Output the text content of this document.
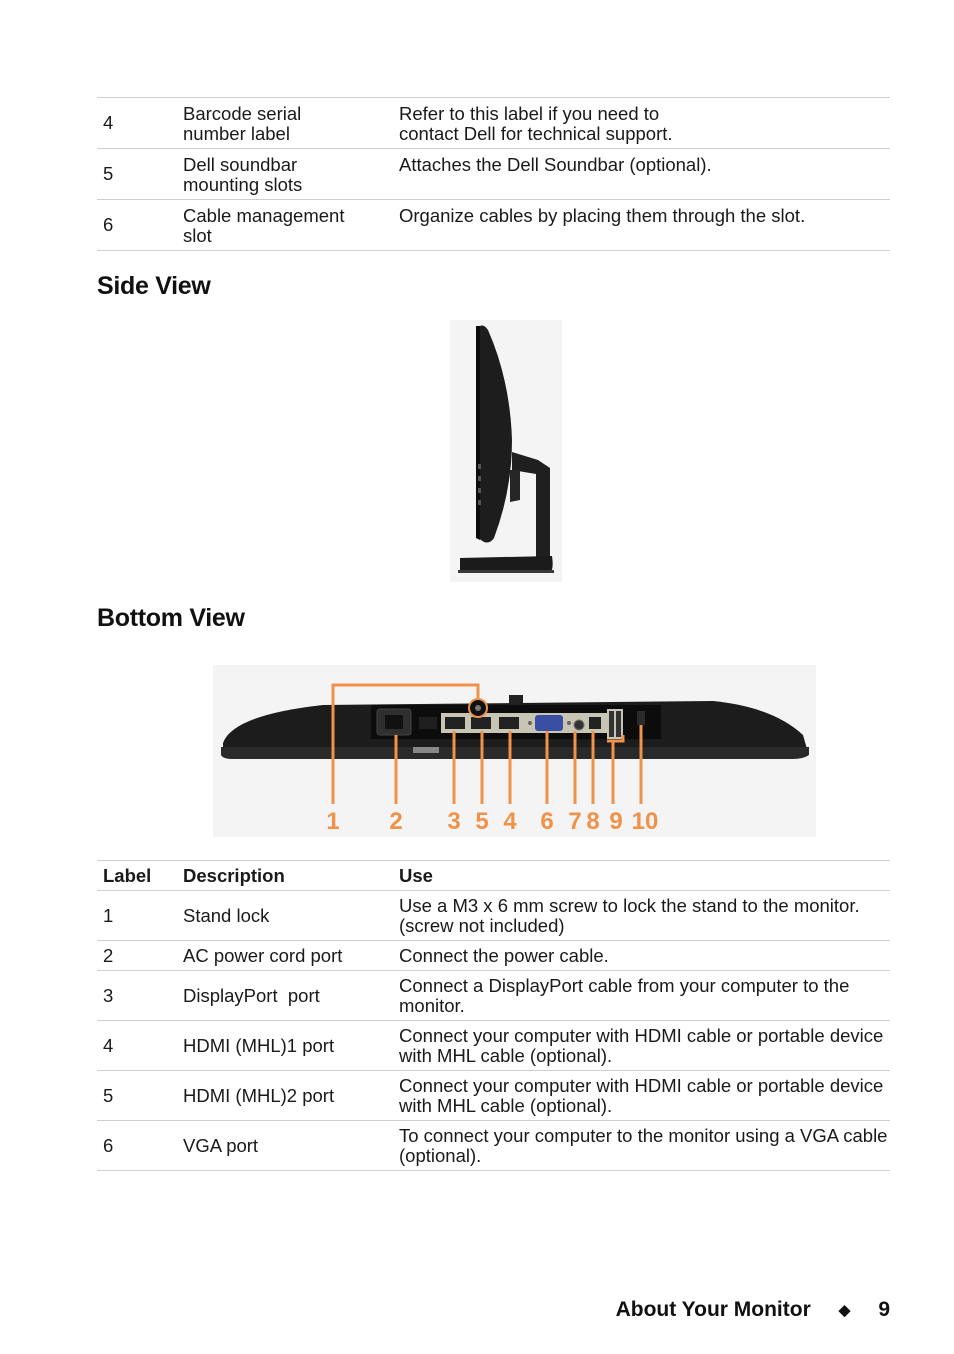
4	Barcode serial
number label	Refer to this label if you need to
contact Dell for technical support.
5	Dell soundbar
mounting slots	Attaches the Dell Soundbar (optional).
6	Cable management
slot	Organize cables by placing them through the slot.
Side View
Bottom View
1 2 3 5 4 6 7 8 9 10
Label	Description	Use
1	Stand lock	Use a M3 x 6 mm screw to lock the stand to the monitor. (screw not included)
2	AC power cord port	Connect the power cable.
3	DisplayPort  port	Connect a DisplayPort cable from your computer to the monitor.
4	HDMI (MHL)1 port	Connect your computer with HDMI cable or portable device with MHL cable (optional).
5	HDMI (MHL)2 port	Connect your computer with HDMI cable or portable device with MHL cable (optional).
6	VGA port	To connect your computer to the monitor using a VGA cable (optional).
About Your Monitor ◆ 9
